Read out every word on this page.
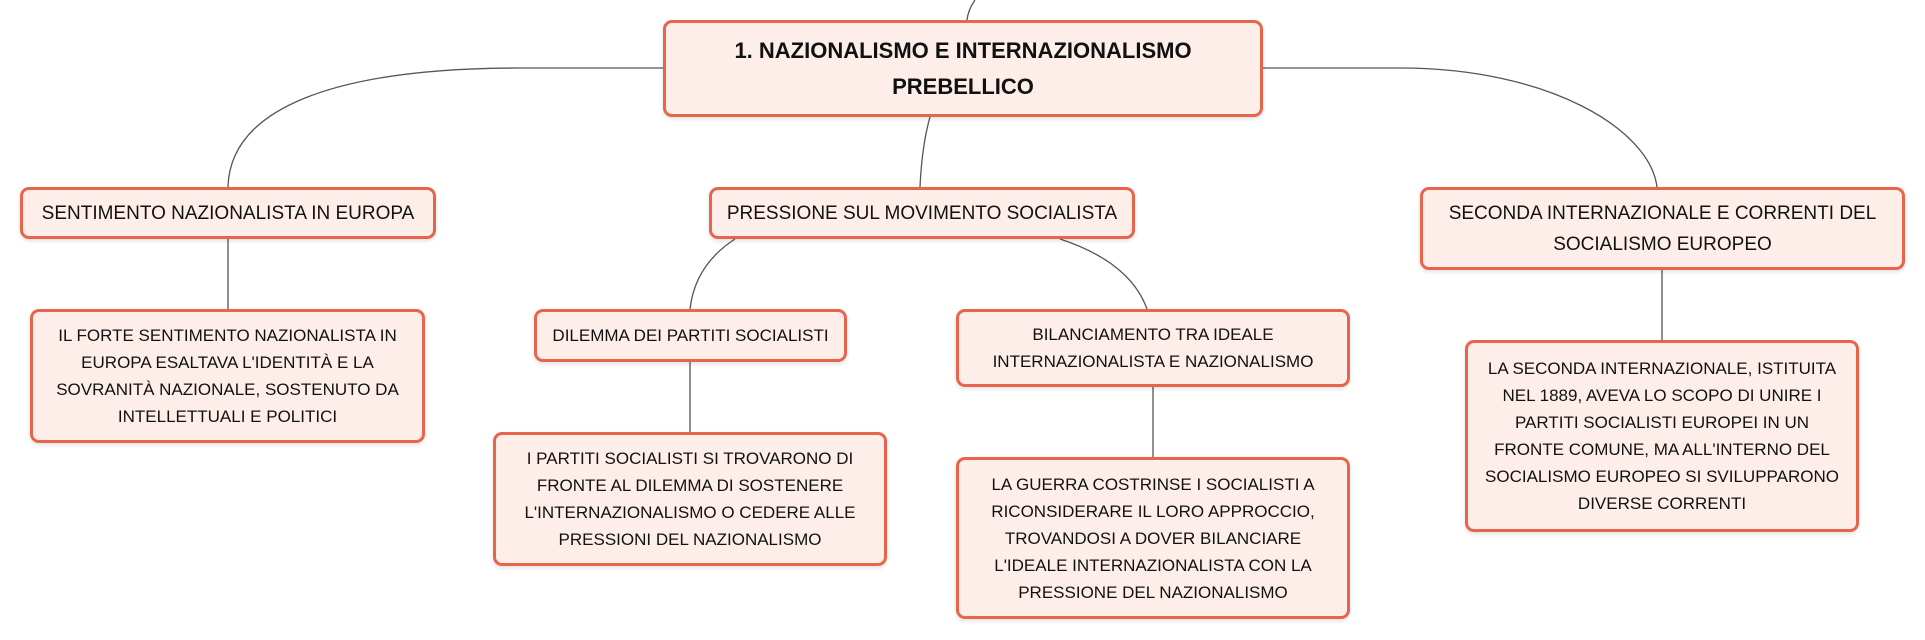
1. NAZIONALISMO E INTERNAZIONALISMO PREBELLICO
SENTIMENTO NAZIONALISTA IN EUROPA	PRESSIONE SUL MOVIMENTO SOCIALISTA	SECONDA INTERNAZIONALE E CORRENTI DEL SOCIALISMO EUROPEO
IL FORTE SENTIMENTO NAZIONALISTA IN EUROPA ESALTAVA L'IDENTITÀ E LA SOVRANITÀ NAZIONALE, SOSTENUTO DA INTELLETTUALI E POLITICI
DILEMMA DEI PARTITI SOCIALISTI	BILANCIAMENTO TRA IDEALE INTERNAZIONALISTA E NAZIONALISMO
I PARTITI SOCIALISTI SI TROVARONO DI FRONTE AL DILEMMA DI SOSTENERE L'INTERNAZIONALISMO O CEDERE ALLE PRESSIONI DEL NAZIONALISMO
LA GUERRA COSTRINSE I SOCIALISTI A RICONSIDERARE IL LORO APPROCCIO, TROVANDOSI A DOVER BILANCIARE L'IDEALE INTERNAZIONALISTA CON LA PRESSIONE DEL NAZIONALISMO
LA SECONDA INTERNAZIONALE, ISTITUITA NEL 1889, AVEVA LO SCOPO DI UNIRE I PARTITI SOCIALISTI EUROPEI IN UN FRONTE COMUNE, MA ALL'INTERNO DEL SOCIALISMO EUROPEO SI SVILUPPARONO DIVERSE CORRENTI
